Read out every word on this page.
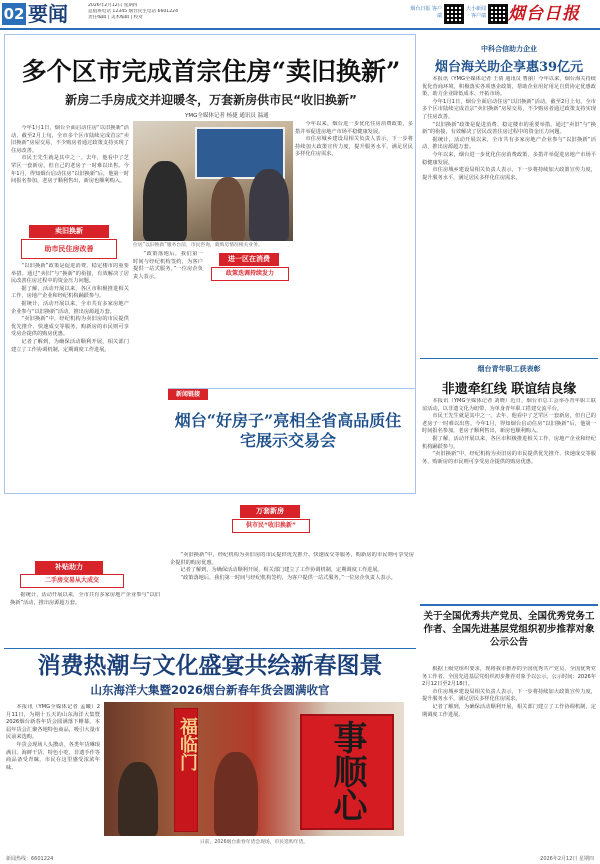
02 要闻	2026年2月12日 星期四
总值班电话 12345 烟台民生电话 6601224
责任编辑 | 美术编辑 | 校对
烟台日报 客户端
大小新闻 客户端 烟台日报
多个区市完成首宗住房“卖旧换新”
新房二手房成交并迎暖冬，万套新房供市民“收旧换新”
YMG全媒体记者 杨捷 通讯员 温通

今年1月1日，烟台全面启动住房“以旧换新”活动，截至2月上旬，全市多个区市陆续完成首宗“卖旧换新”房屋交易，不少购房者通过政策支持实现了住房改善。

市民王先生就是其中之一。去年，他看中了芝罘区一套新房，但自己的老房子一时难以出售。今年1月，得知烟台启动住房“以旧换新”后，他第一时间报名参加，老房子顺利售出，新房也顺利购入。

卖旧换新
助市民住房改善

“以旧换新”政策是促进消费、稳定楼市的重要举措。通过“卖旧”与“换新”的衔接，有效解决了居民改善住房过程中的资金压力问题。

据了解，活动开展以来，各区市积极推进相关工作，房地产企业和经纪机构踊跃参与。

据统计，活动开展以来，全市共有多家房地产企业参与“以旧换新”活动，推出房源超万套。

“卖旧换新”中，经纪机构为卖旧房的市民提供优先推介、快速成交等服务，购新房的市民则可享受房企提供的购房优惠。

记者了解到，为确保活动顺利开展，相关部门建立了工作协调机制，定期调度工作进展。

补贴助力
位居“以旧换新”服务台前，市民咨询，就购房情况相关业务。

“政策落地后，我们第一时间与经纪机构签约，为客户提供一站式服务。”一位房企负责人表示。

进一区在消费
政策迭调持续发力

今年以来，烟台进一步优化住房消费政策，多措并举促进房地产市场平稳健康发展。

市住房城乡建设局相关负责人表示，下一步将持续加大政策宣传力度，提升服务水平，满足居民多样化住房需求。

新闻链接
烟台“好房子”亮相全省高品质住宅展示交易会
万套新房
供市民“收旧换新”
二手房交易从大成交

据统计，活动开展以来，全市共有多家房地产企业参与“以旧换新”活动，推出房源超万套。

“卖旧换新”中，经纪机构为卖旧房的市民提供优先推介、快速成交等服务，购新房的市民则可享受房企提供的购房优惠。

记者了解到，为确保活动顺利开展，相关部门建立了工作协调机制，定期调度工作进展。

“政策落地后，我们第一时间与经纪机构签约，为客户提供一站式服务。”一位房企负责人表示。

中科合信助力企业
烟台海关助企享惠39亿元

本报讯（YMG全媒体记者 王倩 通讯员 曹丽）今年以来，烟台海关持续优化营商环境，积极落实各项惠企政策，帮助企业用好用足自贸协定优惠政策，助力企业降低成本、开拓市场。

今年1月1日，烟台全面启动住房“以旧换新”活动，截至2月上旬，全市多个区市陆续完成首宗“卖旧换新”房屋交易，不少购房者通过政策支持实现了住房改善。

“以旧换新”政策是促进消费、稳定楼市的重要举措。通过“卖旧”与“换新”的衔接，有效解决了居民改善住房过程中的资金压力问题。

据统计，活动开展以来，全市共有多家房地产企业参与“以旧换新”活动，推出房源超万套。

今年以来，烟台进一步优化住房消费政策，多措并举促进房地产市场平稳健康发展。

市住房城乡建设局相关负责人表示，下一步将持续加大政策宣传力度，提升服务水平，满足居民多样化住房需求。

烟台青年职工获表彰
非遗牵红线 联谊结良缘

本报讯（YMG全媒体记者 刘晓）近日，烟台市总工会举办青年职工联谊活动，以非遗文化为纽带，为单身青年职工搭建交流平台。

市民王先生就是其中之一。去年，他看中了芝罘区一套新房，但自己的老房子一时难以出售。今年1月，得知烟台启动住房“以旧换新”后，他第一时间报名参加，老房子顺利售出，新房也顺利购入。

据了解，活动开展以来，各区市积极推进相关工作，房地产企业和经纪机构踊跃参与。

“卖旧换新”中，经纪机构为卖旧房的市民提供优先推介、快速成交等服务，购新房的市民则可享受房企提供的购房优惠。

关于全国优秀共产党员、全国优秀党务工作者、全国先进基层党组织初步推荐对象公示公告

根据上级党组织要求，现将我市推荐的全国优秀共产党员、全国优秀党务工作者、全国先进基层党组织初步推荐对象予以公示。公示时间：2026年2月12日至2月18日。

市住房城乡建设局相关负责人表示，下一步将持续加大政策宣传力度，提升服务水平，满足居民多样化住房需求。

记者了解到，为确保活动顺利开展，相关部门建立了工作协调机制，定期调度工作进展。

消费热潮与文化盛宴共绘新春图景
山东海洋大集暨2026烟台新春年货会圆满收官

本报讯（YMG全媒体记者 孟曦）2月11日，为期十五天的山东海洋大集暨2026烟台新春年货会圆满落下帷幕。本届年货会汇聚各地特色商品，吸引大量市民前来选购。

年货会现场人头攒动，各类年货琳琅满目。海鲜干货、特色小吃、非遗手作等商品备受青睐，市民在这里感受浓浓年味。	福临门	事顺心
日前，2026烟台新春年货会现场，市民选购年货。
新闻热线：6601224	2026年2月12日 星期四
